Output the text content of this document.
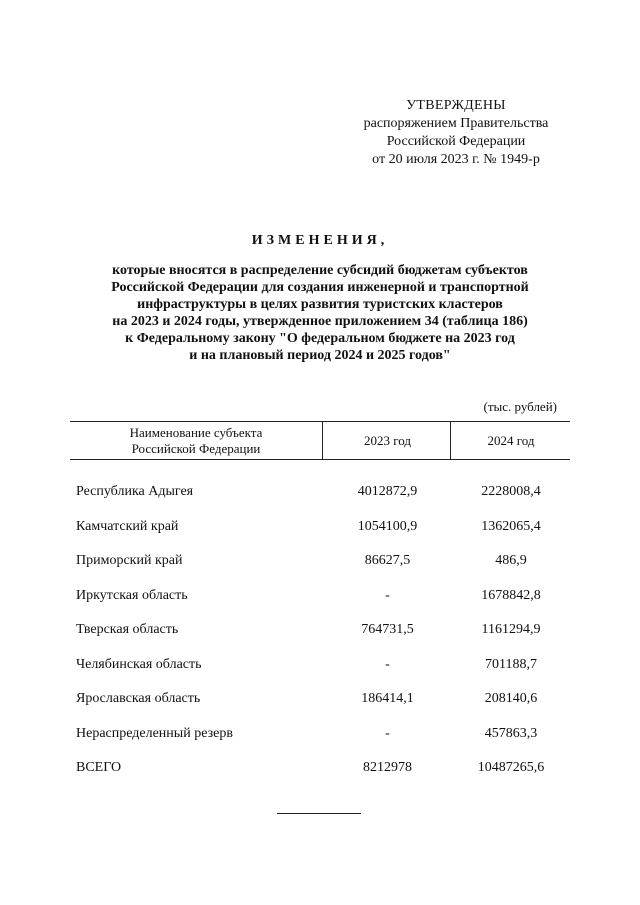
УТВЕРЖДЕНЫ
распоряжением Правительства
Российской Федерации
от 20 июля 2023 г. № 1949-р
ИЗМЕНЕНИЯ,
которые вносятся в распределение субсидий бюджетам субъектов
Российской Федерации для создания инженерной и транспортной
инфраструктуры в целях развития туристских кластеров
на 2023 и 2024 годы, утвержденное приложением 34 (таблица 186)
к Федеральному закону "О федеральном бюджете на 2023 год
и на плановый период 2024 и 2025 годов"
(тыс. рублей)
Наименование субъекта
Российской Федерации
2023 год	2024 год
Республика Адыгея	4012872,9	2228008,4
Камчатский край	1054100,9	1362065,4
Приморский край	86627,5	486,9
Иркутская область	-	1678842,8
Тверская область	764731,5	1161294,9
Челябинская область	-	701188,7
Ярославская область	186414,1	208140,6
Нераспределенный резерв	-	457863,3
ВСЕГО	8212978	10487265,6
